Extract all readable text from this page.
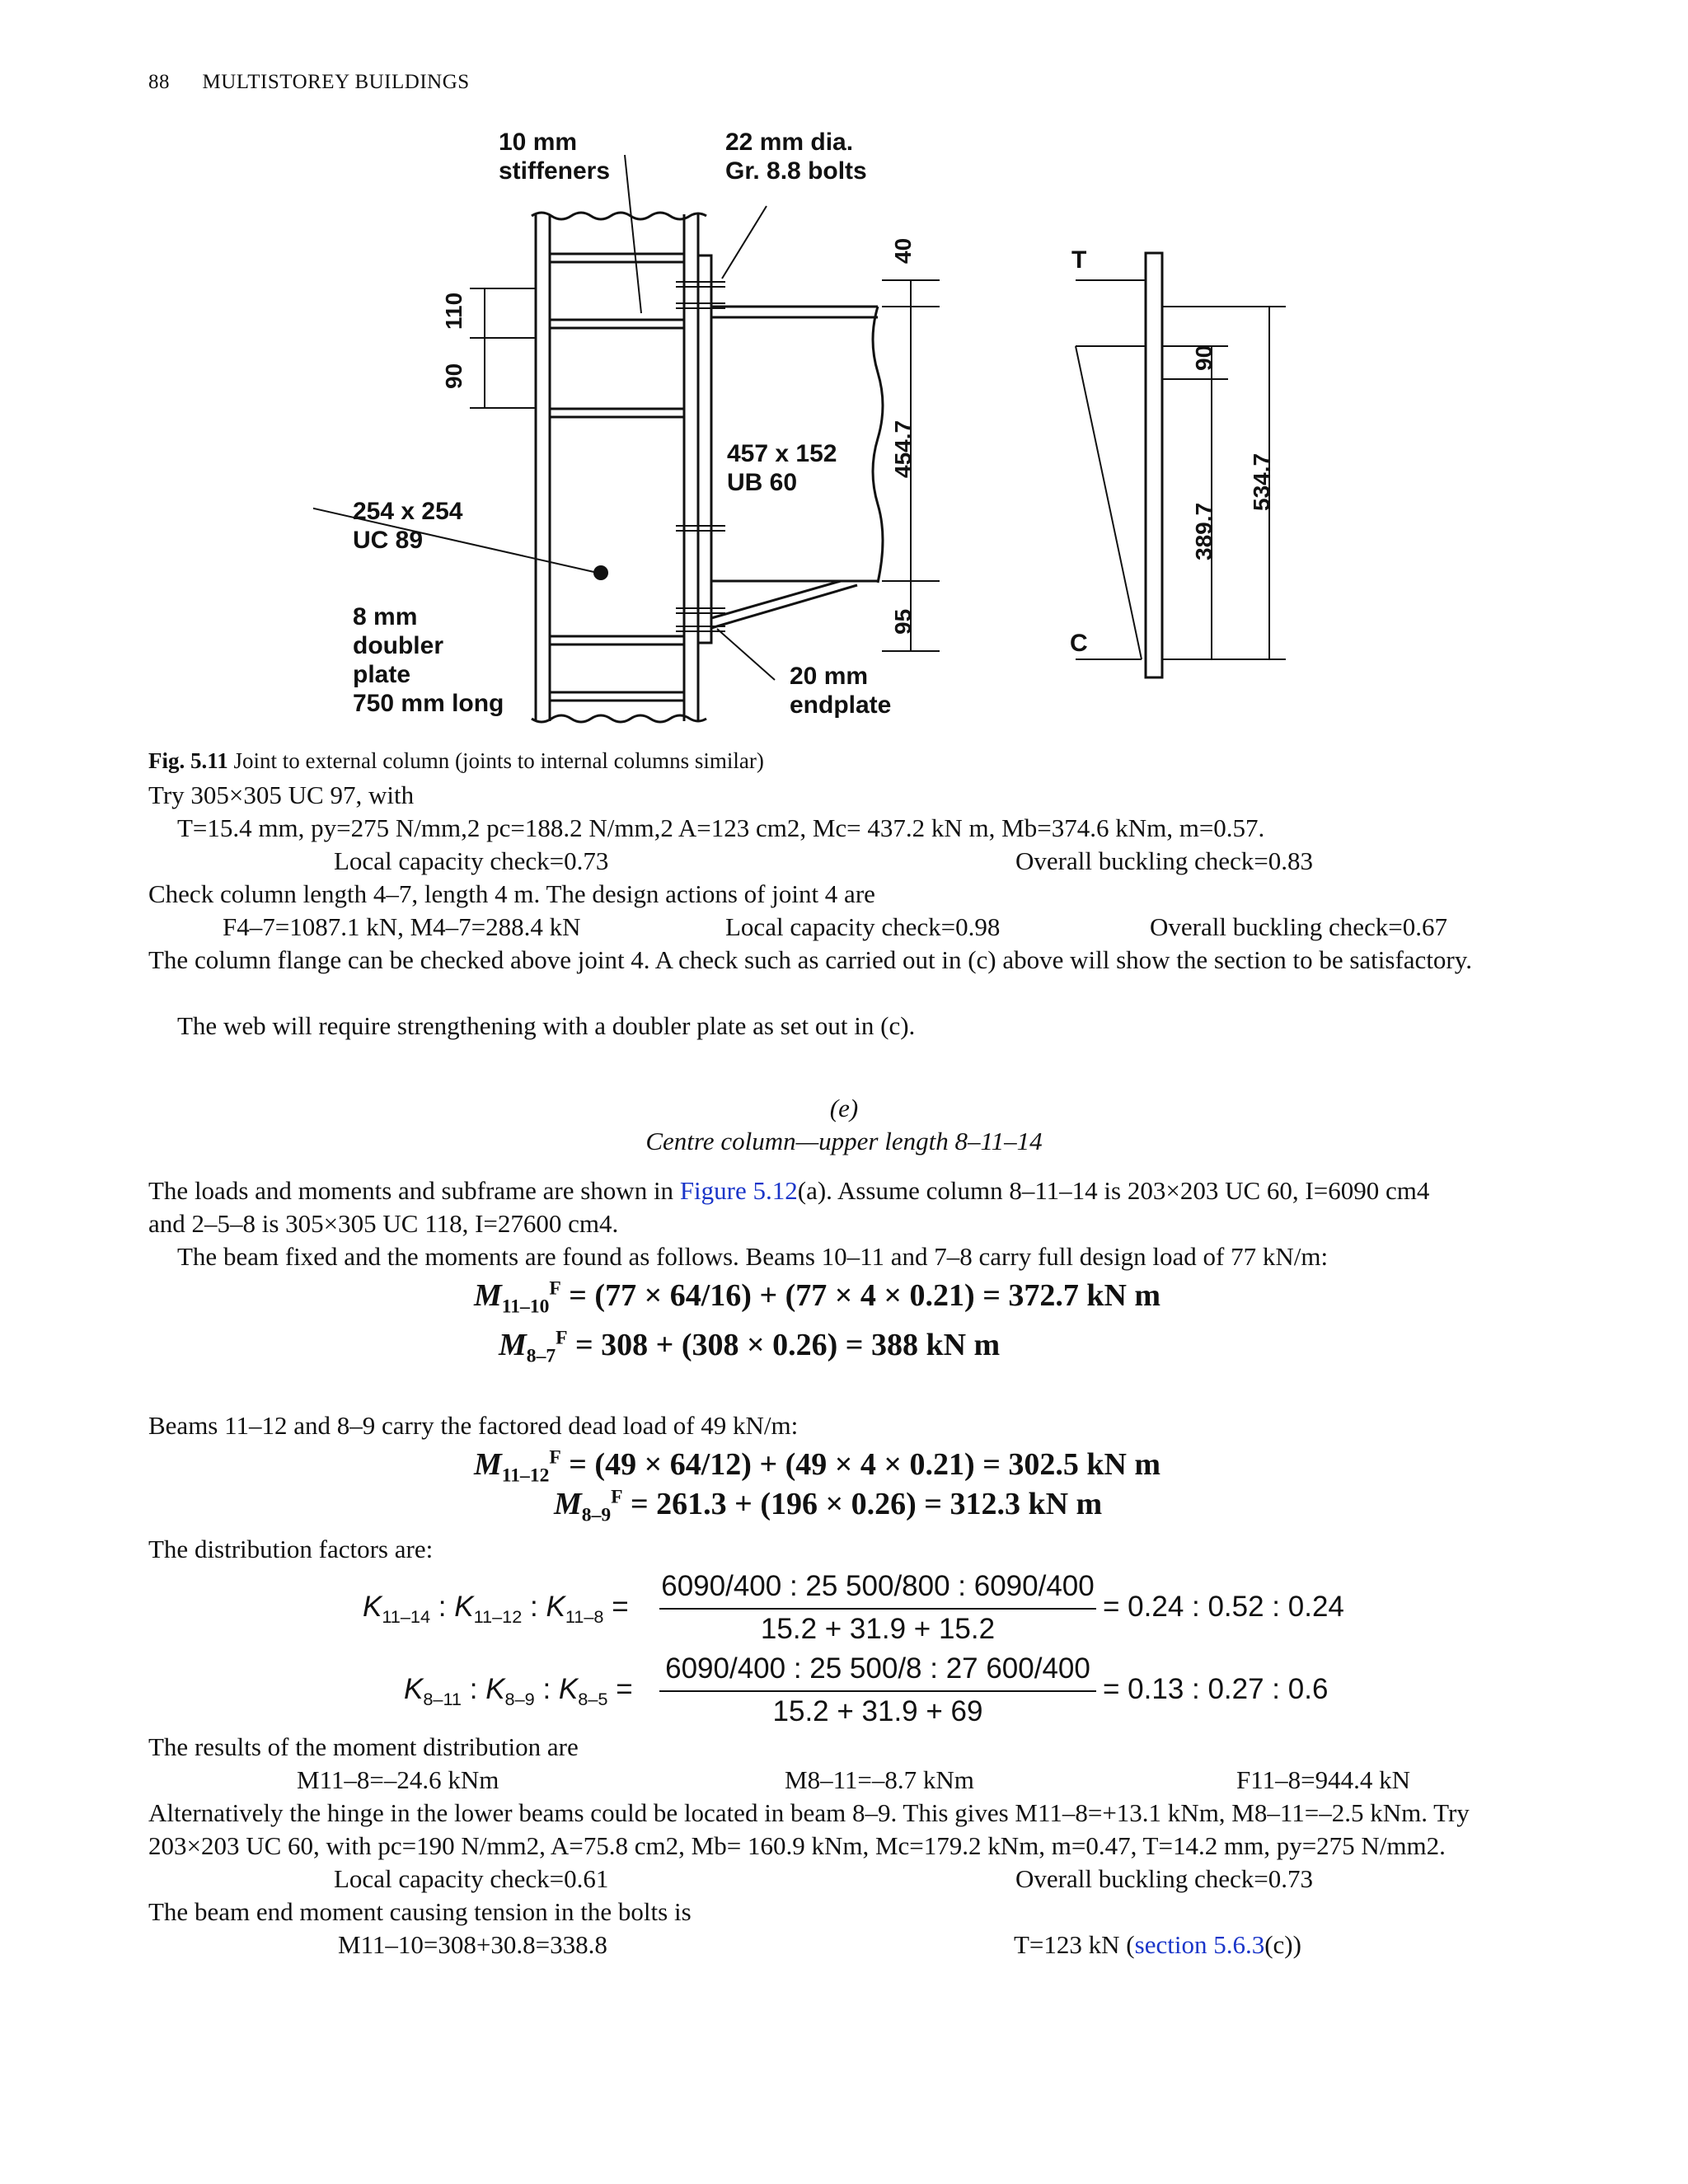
88 MULTISTOREY BUILDINGS
10 mm
stiffeners
22 mm dia.
Gr. 8.8 bolts
254 x 254
UC 89
8 mm
doubler
plate
750 mm long
457 x 152
UB 60
20 mm
endplate
110
90
40
454.7
95
90
389.7
534.7
T
C
Fig. 5.11 Joint to external column (joints to internal columns similar)
Try 305×305 UC 97, with
T=15.4 mm, py=275 N/mm,2 pc=188.2 N/mm,2 A=123 cm2, Mc= 437.2 kN m, Mb=374.6 kNm, m=0.57.
Local capacity check=0.73	Overall buckling check=0.83
Check column length 4–7, length 4 m. The design actions of joint 4 are
F4–7=1087.1 kN, M4–7=288.4 kN	Local capacity check=0.98	Overall buckling check=0.67
The column flange can be checked above joint 4. A check such as carried out in (c) above will show the section to be satisfactory.
The web will require strengthening with a doubler plate as set out in (c).
(e)
Centre column—upper length 8–11–14
The loads and moments and subframe are shown in Figure 5.12(a). Assume column 8–11–14 is 203×203 UC 60, I=6090 cm4
and 2–5–8 is 305×305 UC 118, I=27600 cm4.
The beam fixed and the moments are found as follows. Beams 10–11 and 7–8 carry full design load of 77 kN/m:
$M_{11-10}^F = (77 \times 64/16) + (77 \times 4 \times 0.21) = 372.7$ kN m
$M_{8-7}^F = 308 + (308 \times 0.26) = 388$ kN m
Beams 11–12 and 8–9 carry the factored dead load of 49 kN/m:
$M_{11-12}^F = (49 \times 64/12) + (49 \times 4 \times 0.21) = 302.5$ kN m
$M_{8-9}^F = 261.3 + (196 \times 0.26) = 312.3$ kN m
The distribution factors are:
$K_{11-14}$ : $K_{11-12}$ : $K_{11-8}$ =
6090/400 : 25 500/800 : 6090/400
15.2 + 31.9 + 15.2
= 0.24 : 0.52 : 0.24
$K_{8-11}$ : $K_{8-9}$ : $K_{8-5}$ =
6090/400 : 25 500/8 : 27 600/400
15.2 + 31.9 + 69
= 0.13 : 0.27 : 0.6
The results of the moment distribution are
M11–8=–24.6 kNm	M8–11=–8.7 kNm	F11–8=944.4 kN
Alternatively the hinge in the lower beams could be located in beam 8–9. This gives M11–8=+13.1 kNm, M8–11=–2.5 kNm. Try
203×203 UC 60, with pc=190 N/mm2, A=75.8 cm2, Mb= 160.9 kNm, Mc=179.2 kNm, m=0.47, T=14.2 mm, py=275 N/mm2.
Local capacity check=0.61	Overall buckling check=0.73
The beam end moment causing tension in the bolts is
M11–10=308+30.8=338.8	T=123 kN (section 5.6.3(c))
